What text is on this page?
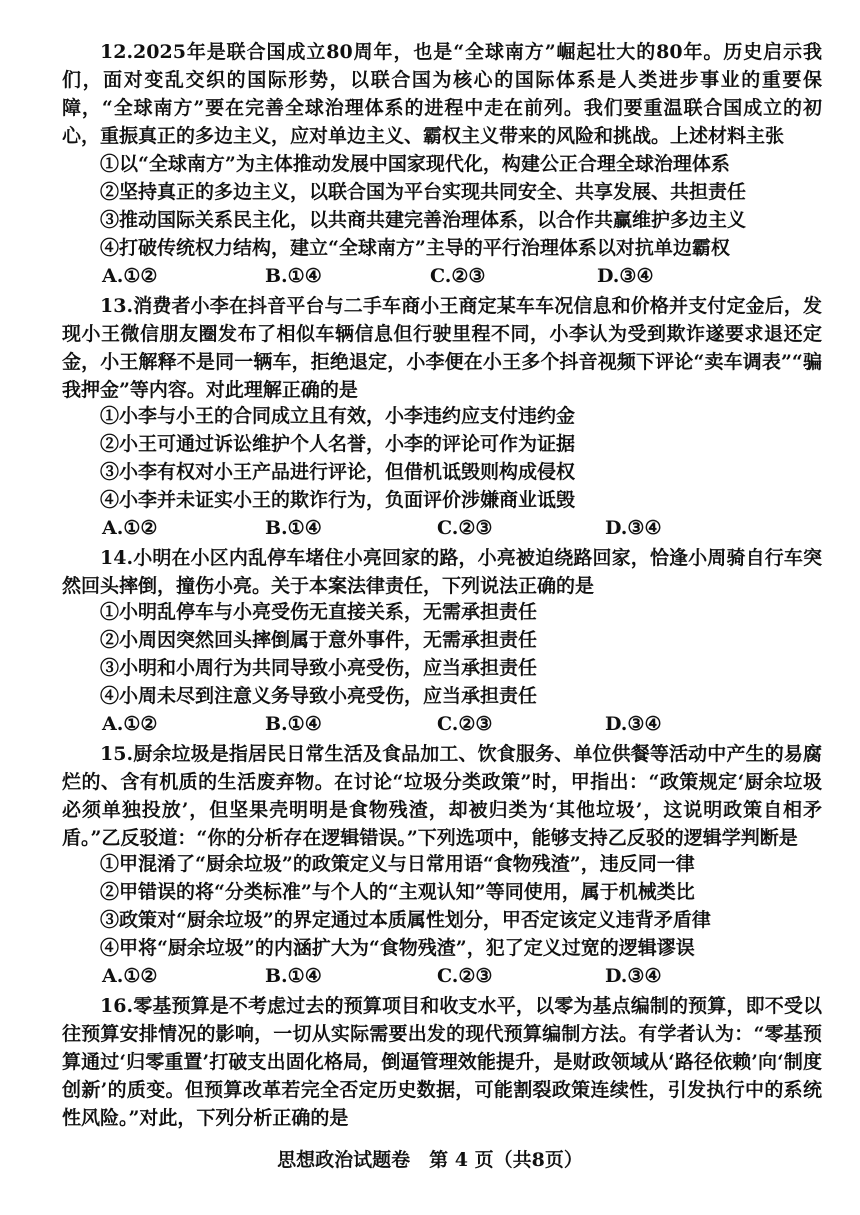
12.2025年是联合国成立80周年，也是“全球南方”崛起壮大的80年。历史启示我们，面对变乱交织的国际形势，以联合国为核心的国际体系是人类进步事业的重要保障，“全球南方”要在完善全球治理体系的进程中走在前列。我们要重温联合国成立的初心，重振真正的多边主义，应对单边主义、霸权主义带来的风险和挑战。上述材料主张

①以“全球南方”为主体推动发展中国家现代化，构建公正合理全球治理体系
②坚持真正的多边主义，以联合国为平台实现共同安全、共享发展、共担责任
③推动国际关系民主化，以共商共建完善治理体系，以合作共赢维护多边主义
④打破传统权力结构，建立“全球南方”主导的平行治理体系以对抗单边霸权
A.①②	B.①④	C.②③	D.③④

13.消费者小李在抖音平台与二手车商小王商定某车车况信息和价格并支付定金后，发现小王微信朋友圈发布了相似车辆信息但行驶里程不同，小李认为受到欺诈遂要求退还定金，小王解释不是同一辆车，拒绝退定，小李便在小王多个抖音视频下评论“卖车调表”“骗我押金”等内容。对此理解正确的是

①小李与小王的合同成立且有效，小李违约应支付违约金
②小王可通过诉讼维护个人名誉，小李的评论可作为证据
③小李有权对小王产品进行评论，但借机诋毁则构成侵权
④小李并未证实小王的欺诈行为，负面评价涉嫌商业诋毁
A.①②	B.①④	C.②③	D.③④

14.小明在小区内乱停车堵住小亮回家的路，小亮被迫绕路回家，恰逢小周骑自行车突然回头摔倒，撞伤小亮。关于本案法律责任，下列说法正确的是

①小明乱停车与小亮受伤无直接关系，无需承担责任
②小周因突然回头摔倒属于意外事件，无需承担责任
③小明和小周行为共同导致小亮受伤，应当承担责任
④小周未尽到注意义务导致小亮受伤，应当承担责任
A.①②	B.①④	C.②③	D.③④

15.厨余垃圾是指居民日常生活及食品加工、饮食服务、单位供餐等活动中产生的易腐烂的、含有机质的生活废弃物。在讨论“垃圾分类政策”时，甲指出：“政策规定‘厨余垃圾必须单独投放’，但坚果壳明明是食物残渣，却被归类为‘其他垃圾’，这说明政策自相矛盾。”乙反驳道：“你的分析存在逻辑错误。”下列选项中，能够支持乙反驳的逻辑学判断是

①甲混淆了“厨余垃圾”的政策定义与日常用语“食物残渣”，违反同一律
②甲错误的将“分类标准”与个人的“主观认知”等同使用，属于机械类比
③政策对“厨余垃圾”的界定通过本质属性划分，甲否定该定义违背矛盾律
④甲将“厨余垃圾”的内涵扩大为“食物残渣”，犯了定义过宽的逻辑谬误
A.①②	B.①④	C.②③	D.③④

16.零基预算是不考虑过去的预算项目和收支水平，以零为基点编制的预算，即不受以往预算安排情况的影响，一切从实际需要出发的现代预算编制方法。有学者认为：“零基预算通过‘归零重置’打破支出固化格局，倒逼管理效能提升，是财政领域从‘路径依赖’向‘制度创新’的质变。但预算改革若完全否定历史数据，可能割裂政策连续性，引发执行中的系统性风险。”对此，下列分析正确的是

思想政治试题卷　第 4 页（共8页）
